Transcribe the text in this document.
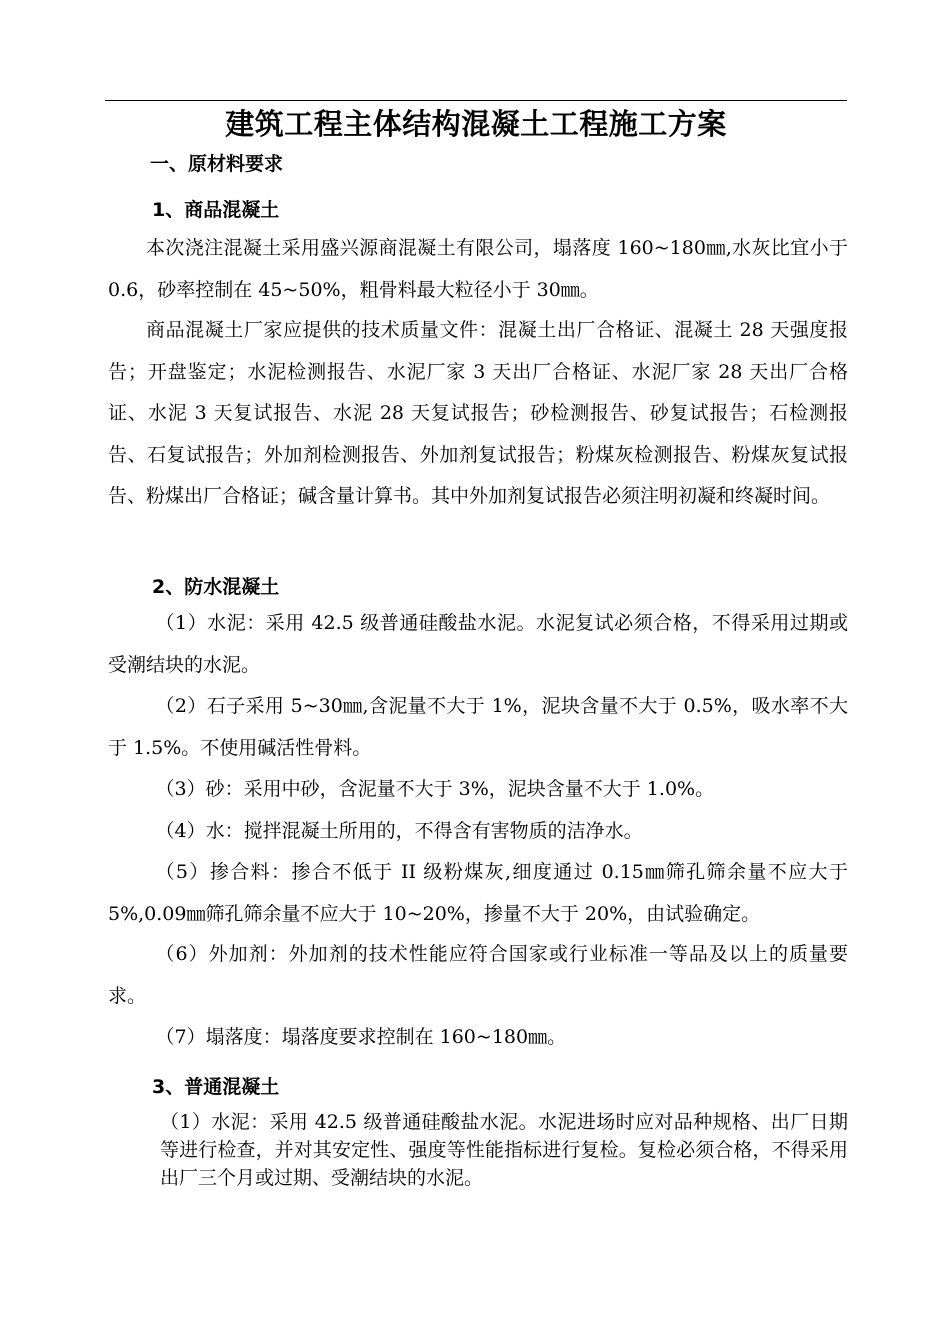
建筑工程主体结构混凝土工程施工方案
一、原材料要求
1、商品混凝土
本次浇注混凝土采用盛兴源商混凝土有限公司，塌落度 160~180㎜,水灰比宜小于 0.6，砂率控制在 45~50%，粗骨料最大粒径小于 30㎜。
商品混凝土厂家应提供的技术质量文件：混凝土出厂合格证、混凝土 28 天强度报告；开盘鉴定；水泥检测报告、水泥厂家 3 天出厂合格证、水泥厂家 28 天出厂合格证、水泥 3 天复试报告、水泥 28 天复试报告；砂检测报告、砂复试报告；石检测报告、石复试报告；外加剂检测报告、外加剂复试报告；粉煤灰检测报告、粉煤灰复试报告、粉煤出厂合格证；碱含量计算书。其中外加剂复试报告必须注明初凝和终凝时间。
2、防水混凝土
（1）水泥：采用 42.5 级普通硅酸盐水泥。水泥复试必须合格，不得采用过期或受潮结块的水泥。
（2）石子采用 5~30㎜,含泥量不大于 1%，泥块含量不大于 0.5%，吸水率不大于 1.5%。不使用碱活性骨料。
（3）砂：采用中砂，含泥量不大于 3%，泥块含量不大于 1.0%。
（4）水：搅拌混凝土所用的，不得含有害物质的洁净水。
（5）掺合料：掺合不低于 II 级粉煤灰,细度通过 0.15㎜筛孔筛余量不应大于 5%,0.09㎜筛孔筛余量不应大于 10~20%，掺量不大于 20%，由试验确定。
（6）外加剂：外加剂的技术性能应符合国家或行业标准一等品及以上的质量要求。
（7）塌落度：塌落度要求控制在 160~180㎜。
3、普通混凝土
（1）水泥：采用 42.5 级普通硅酸盐水泥。水泥进场时应对品种规格、出厂日期等进行检查，并对其安定性、强度等性能指标进行复检。复检必须合格，不得采用出厂三个月或过期、受潮结块的水泥。
